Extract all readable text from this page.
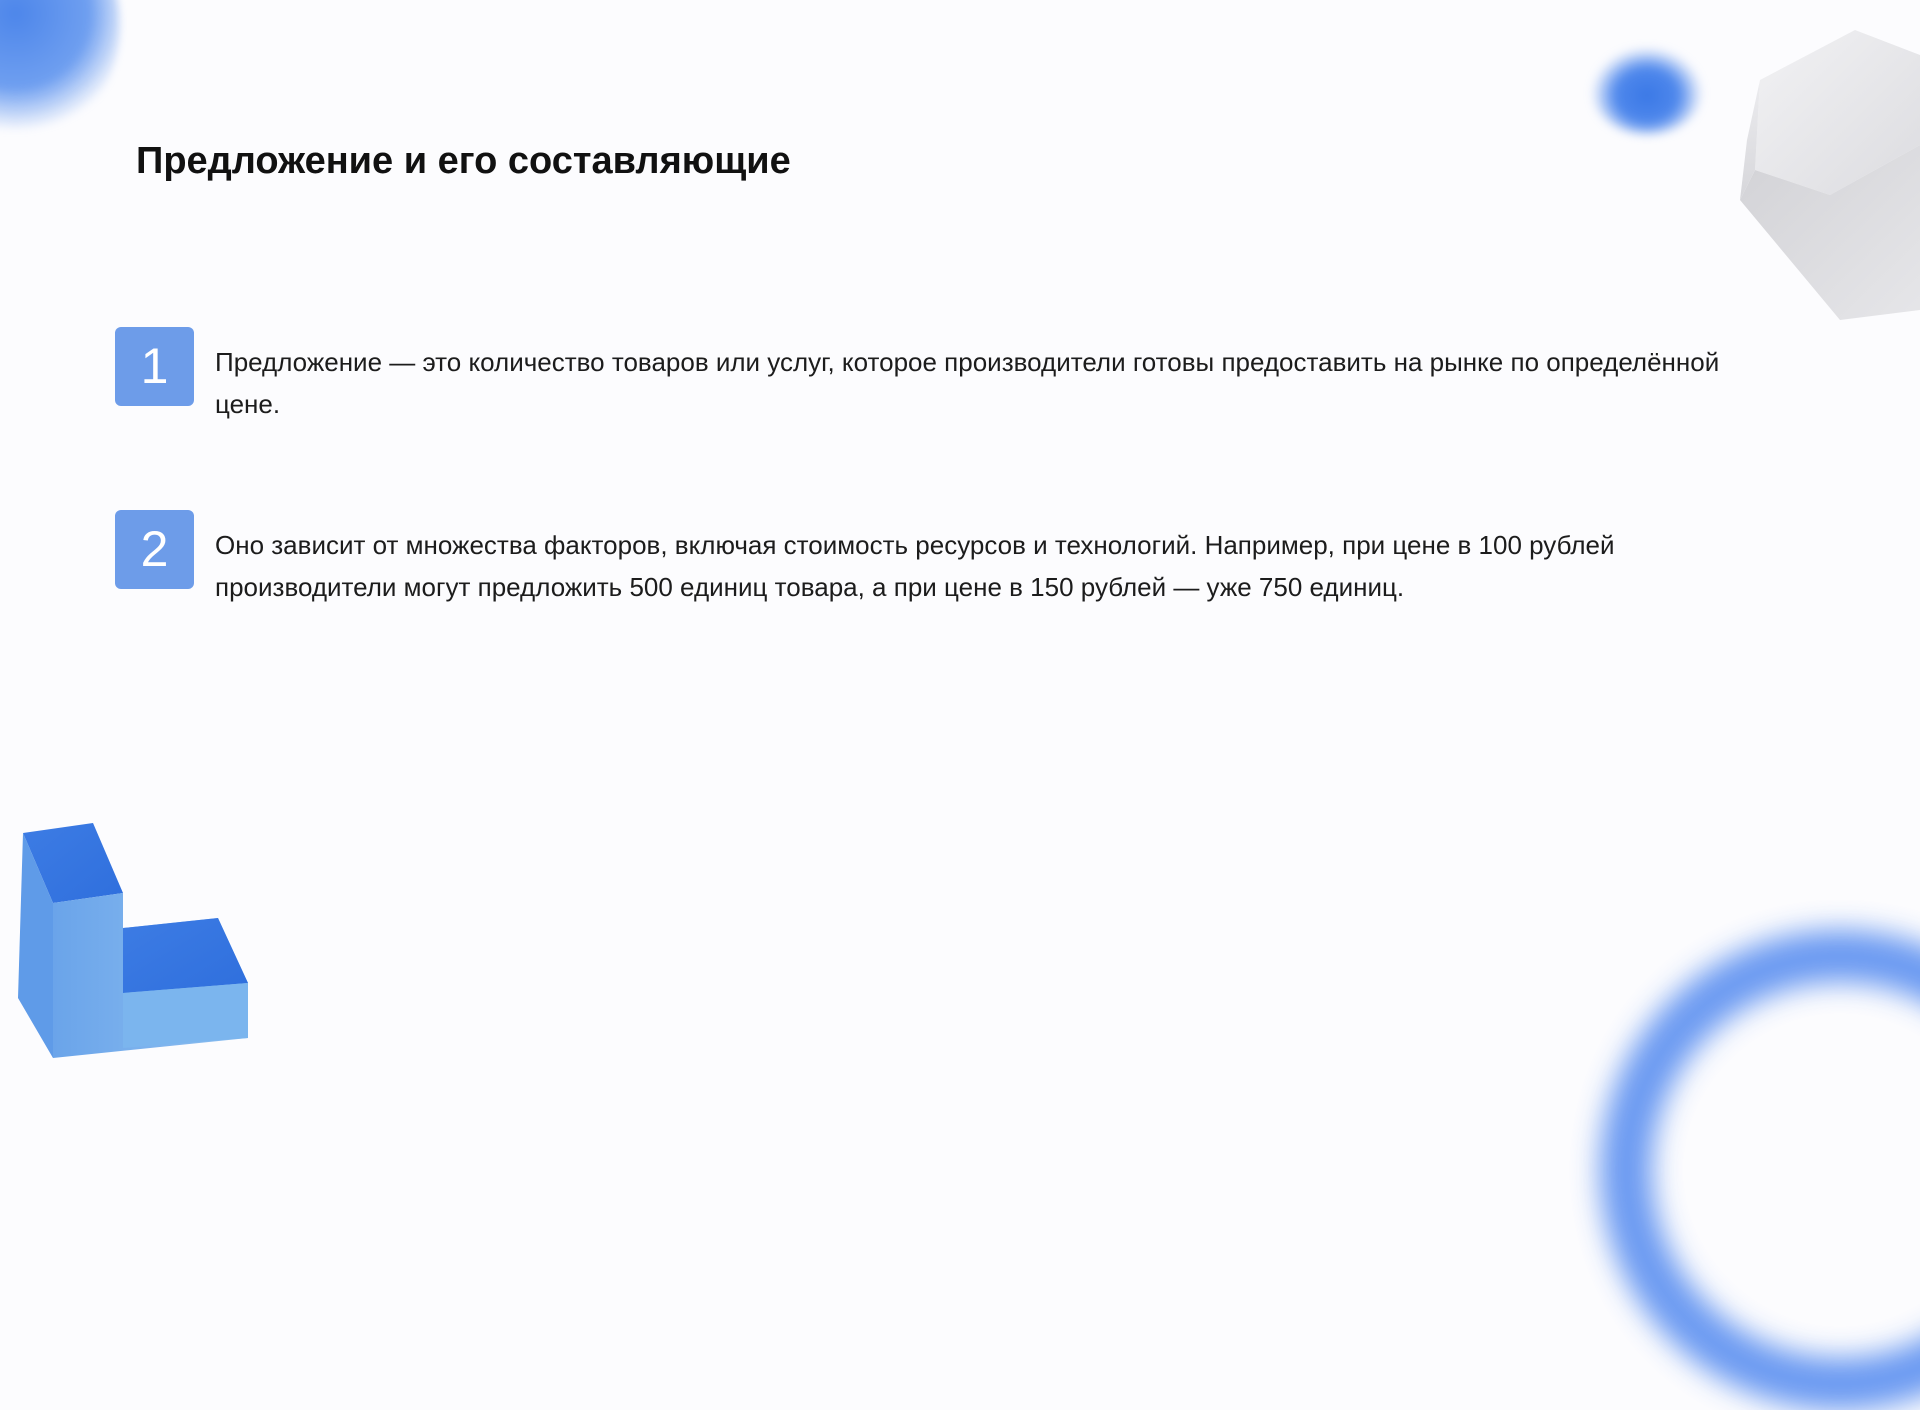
Предложение и его составляющие
1	Предложение — это количество товаров или услуг, которое производители готовы предоставить на рынке по определённой цене.

2	Оно зависит от множества факторов, включая стоимость ресурсов и технологий. Например, при цене в 100 рублей производители могут предложить 500 единиц товара, а при цене в 150 рублей — уже 750 единиц.
